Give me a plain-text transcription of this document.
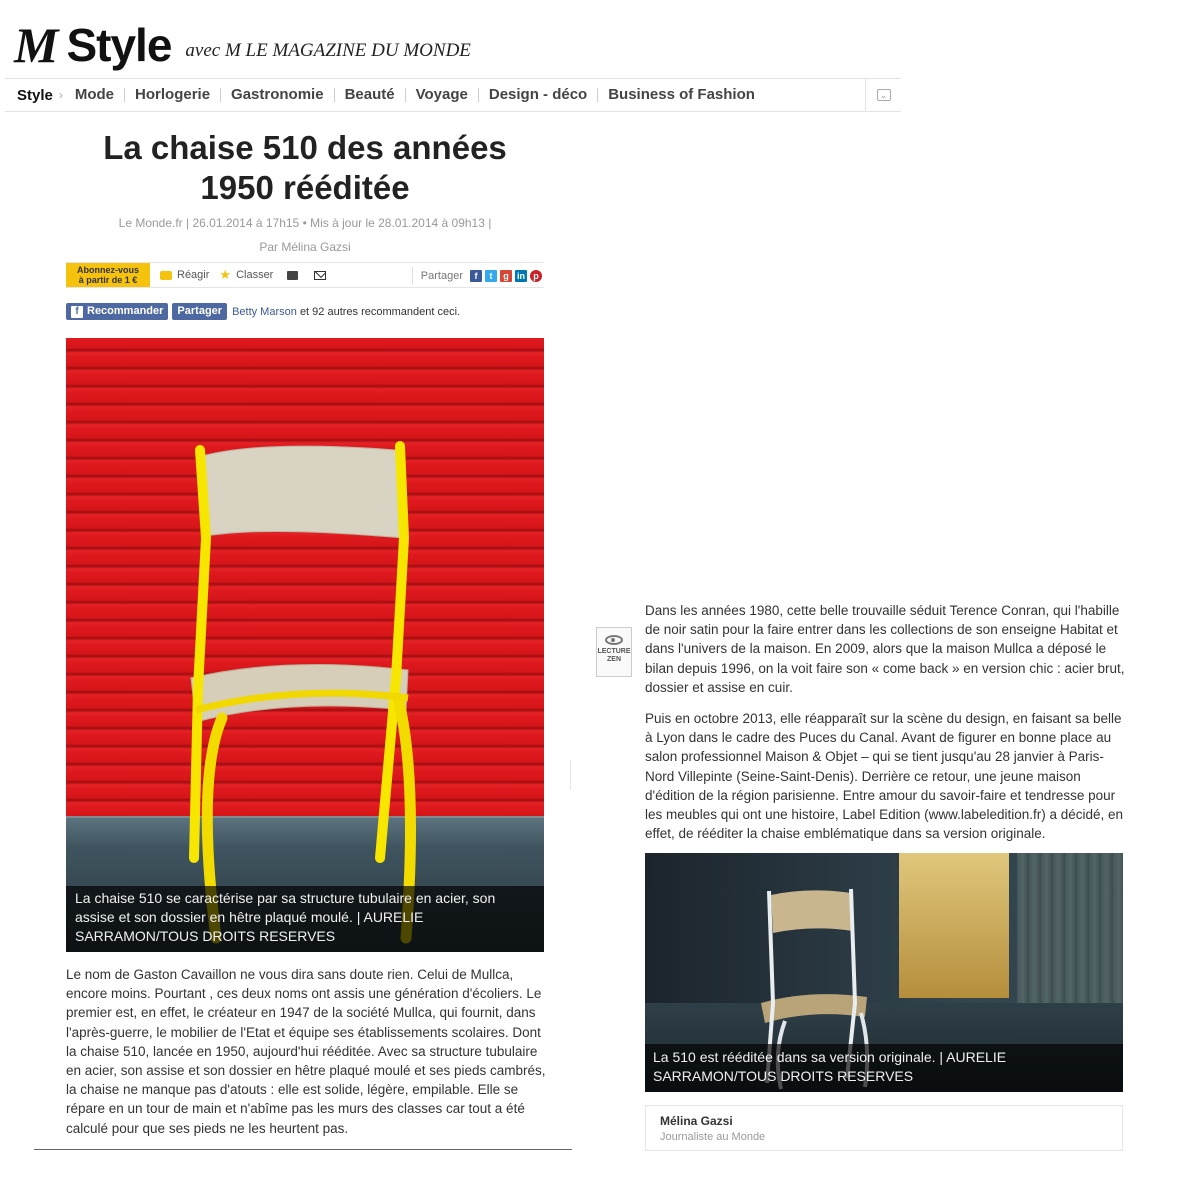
M Style avec M LE MAGAZINE DU MONDE
Style › Mode	Horlogerie	Gastronomie	Beauté	Voyage	Design - déco	Business of Fashion	⌄
La chaise 510 des années 1950 rééditée
Le Monde.fr | 26.01.2014 à 17h15 • Mis à jour le 28.01.2014 à 09h13 |
Par Mélina Gazsi
Abonnez-vous
à partir de 1 €	Réagir ★ Classer	Partager	f	t	g in p
f Recommander	Partager Betty Marson et 92 autres recommandent ceci.
La chaise 510 se caractérise par sa structure tubulaire en acier, son assise et son dossier en hêtre plaqué moulé. | AURELIE SARRAMON/TOUS DROITS RESERVES

Le nom de Gaston Cavaillon ne vous dira sans doute rien. Celui de Mullca, encore moins. Pourtant , ces deux noms ont assis une génération d'écoliers. Le premier est, en effet, le créateur en 1947 de la société Mullca, qui fournit, dans l'après-guerre, le mobilier de l'Etat et équipe ses établissements scolaires. Dont la chaise 510, lancée en 1950, aujourd'hui rééditée. Avec sa structure tubulaire en acier, son assise et son dossier en hêtre plaqué moulé et ses pieds cambrés, la chaise ne manque pas d'atouts : elle est solide, légère, empilable. Elle se répare en un tour de main et n'abîme pas les murs des classes car tout a été calculé pour que ses pieds ne les heurtent pas.

LECTURE
ZEN

Dans les années 1980, cette belle trouvaille séduit Terence Conran, qui l'habille de noir satin pour la faire entrer dans les collections de son enseigne Habitat et dans l'univers de la maison. En 2009, alors que la maison Mullca a déposé le bilan depuis 1996, on la voit faire son « come back » en version chic : acier brut, dossier et assise en cuir.

Puis en octobre 2013, elle réapparaît sur la scène du design, en faisant sa belle à Lyon dans le cadre des Puces du Canal. Avant de figurer en bonne place au salon professionnel Maison & Objet – qui se tient jusqu'au 28 janvier à Paris-Nord Villepinte (Seine-Saint-Denis). Derrière ce retour, une jeune maison d'édition de la région parisienne. Entre amour du savoir-faire et tendresse pour les meubles qui ont une histoire, Label Edition (www.labeledition.fr) a décidé, en effet, de rééditer la chaise emblématique dans sa version originale.

La 510 est rééditée dans sa version originale. | AURELIE SARRAMON/TOUS DROITS RESERVES
Mélina Gazsi
Journaliste au Monde
